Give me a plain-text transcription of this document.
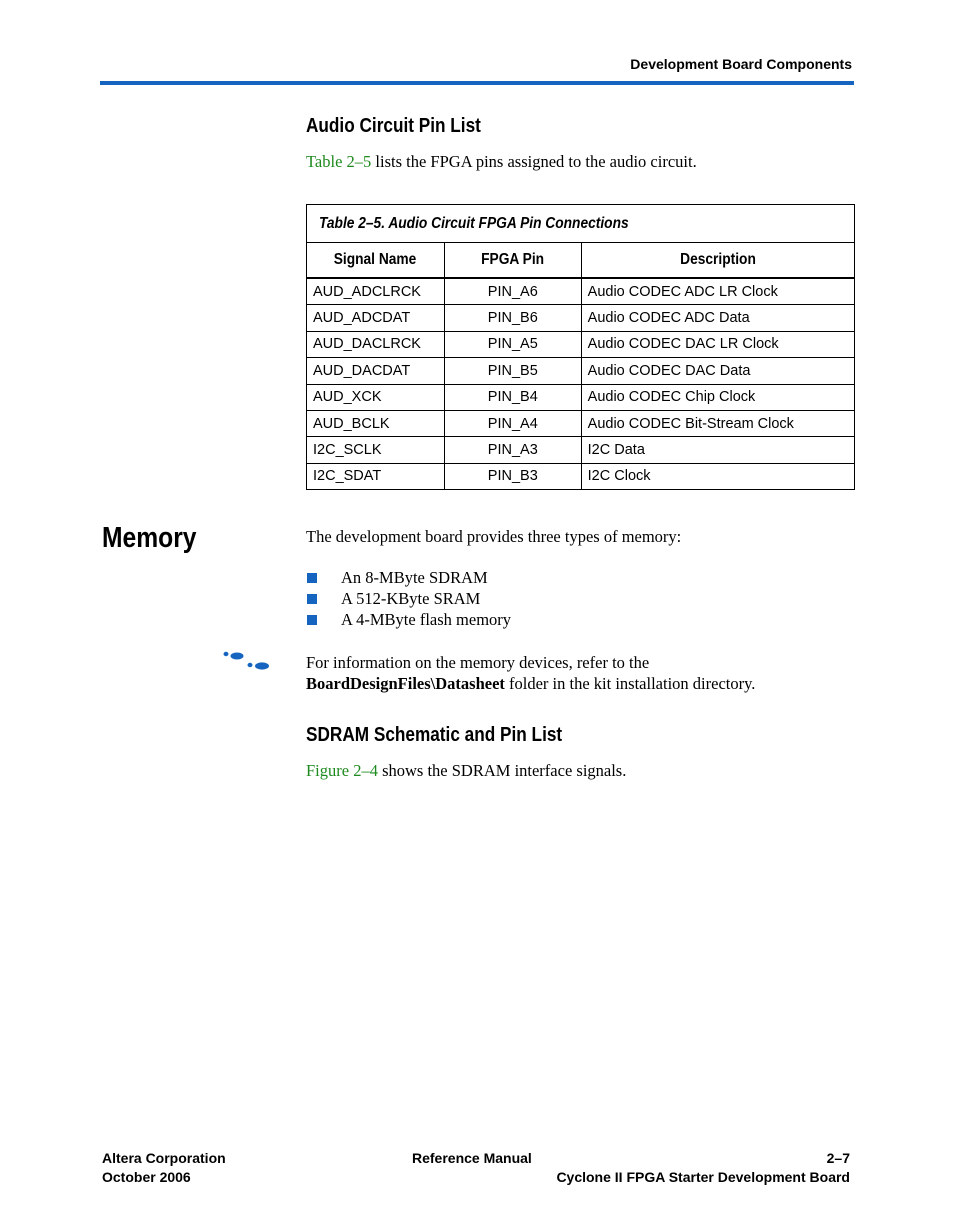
Development Board Components
Audio Circuit Pin List
Table 2–5 lists the FPGA pins assigned to the audio circuit.
Table 2–5. Audio Circuit FPGA Pin Connections		
Signal Name	FPGA Pin	Description
AUD_ADCLRCK	PIN_A6	Audio CODEC ADC LR Clock
AUD_ADCDAT	PIN_B6	Audio CODEC ADC Data
AUD_DACLRCK	PIN_A5	Audio CODEC DAC LR Clock
AUD_DACDAT	PIN_B5	Audio CODEC DAC Data
AUD_XCK	PIN_B4	Audio CODEC Chip Clock
AUD_BCLK	PIN_A4	Audio CODEC Bit-Stream Clock
I2C_SCLK	PIN_A3	I2C Data
I2C_SDAT	PIN_B3	I2C Clock
Memory	The development board provides three types of memory:
An 8-MByte SDRAM
A 512-KByte SRAM
A 4-MByte flash memory
For information on the memory devices, refer to the
BoardDesignFiles\Datasheet folder in the kit installation directory.
SDRAM Schematic and Pin List
Figure 2–4 shows the SDRAM interface signals.
Altera Corporation
October 2006
Reference Manual	2–7
Cyclone II FPGA Starter Development Board
